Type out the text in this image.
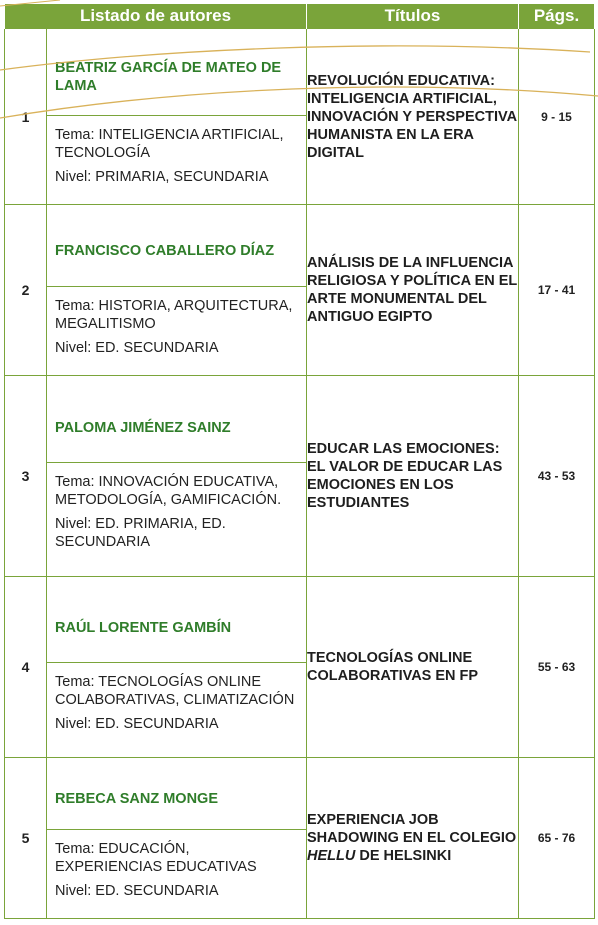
Listado de autores		Títulos	Págs.
1	BEATRIZ GARCÍA DE MATEO DE LAMA
Tema: INTELIGENCIA ARTIFICIAL, TECNOLOGÍA
Nivel: PRIMARIA, SECUNDARIA	REVOLUCIÓN EDUCATIVA: INTELIGENCIA ARTIFICIAL, INNOVACIÓN Y PERSPECTIVA HUMANISTA EN LA ERA DIGITAL	9 - 15
2	FRANCISCO CABALLERO DÍAZ
Tema: HISTORIA, ARQUITECTURA, MEGALITISMO
Nivel: ED. SECUNDARIA	ANÁLISIS DE LA INFLUENCIA RELIGIOSA Y POLÍTICA EN EL ARTE MONUMENTAL DEL ANTIGUO EGIPTO	17 - 41
3	PALOMA JIMÉNEZ SAINZ
Tema: INNOVACIÓN EDUCATIVA, METODOLOGÍA, GAMIFICACIÓN.
Nivel: ED. PRIMARIA, ED. SECUNDARIA	EDUCAR LAS EMOCIONES: EL VALOR DE EDUCAR LAS EMOCIONES EN LOS ESTUDIANTES	43 - 53
4	RAÚL LORENTE GAMBÍN
Tema: TECNOLOGÍAS ONLINE COLABORATIVAS, CLIMATIZACIÓN
Nivel: ED. SECUNDARIA	TECNOLOGÍAS ONLINE COLABORATIVAS EN FP	55 - 63
5	REBECA SANZ MONGE
Tema: EDUCACIÓN, EXPERIENCIAS EDUCATIVAS
Nivel: ED. SECUNDARIA	EXPERIENCIA JOB SHADOWING EN EL COLEGIO HELLU DE HELSINKI	65 - 76
